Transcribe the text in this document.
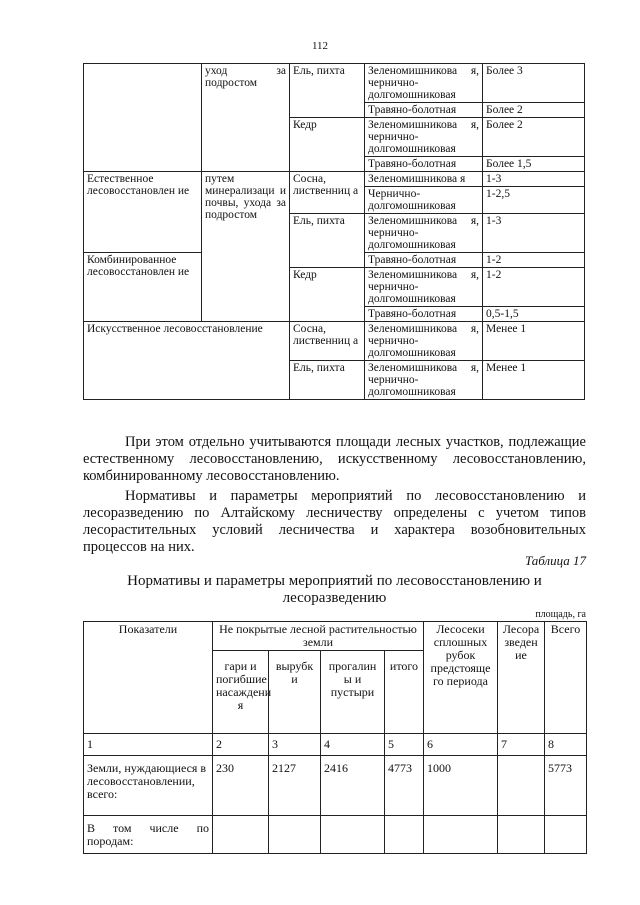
112
	уход за подростом	Ель, пихта	Зеленомишникова я, чернично-долгомошниковая	Более 3
			Травяно-болотная	Более 2
		Кедр	Зеленомишникова я, чернично-долгомошниковая	Более 2
			Травяно-болотная	Более 1,5
Естественное лесовосстановлен ие	путем минерализаци и почвы, ухода за подростом	Сосна, лиственниц а	Зеленомишникова я	1-3
			Чернично-долгомошниковая	1-2,5
		Ель, пихта	Зеленомишникова я, чернично-долгомошниковая	1-3
Комбинированное лесовосстановлен ие			Травяно-болотная	1-2
		Кедр	Зеленомишникова я, чернично-долгомошниковая	1-2
			Травяно-болотная	0,5-1,5
Искусственное лесовосстановление		Сосна, лиственниц а	Зеленомишникова я, чернично-долгомошниковая	Менее 1
		Ель, пихта	Зеленомишникова я, чернично-долгомошниковая	Менее 1

При этом отдельно учитываются площади лесных участков, подлежащие естественному лесовосстановлению, искусственному лесовосстановлению, комбинированному лесовосстановлению.

Нормативы и параметры мероприятий по лесовосстановлению и лесоразведению по Алтайскому лесничеству определены с учетом типов лесорастительных условий лесничества и характера возобновительных процессов на них.

Таблица 17
Нормативы и параметры мероприятий по лесовосстановлению и лесоразведению
площадь, га
Показатели	Не покрытые лесной растительностью земли				Лесосеки сплошных рубок предстояще го периода	Лесора зведен ие	Всего
	гари и погибшие насаждени я	вырубк и	прогалин ы и пустыри	итого			
1	2	3	4	5	6	7	8
Земли, нуждающиеся в лесовосстановлении, всего:	230	2127	2416	4773	1000		5773
В том числе по породам:							
